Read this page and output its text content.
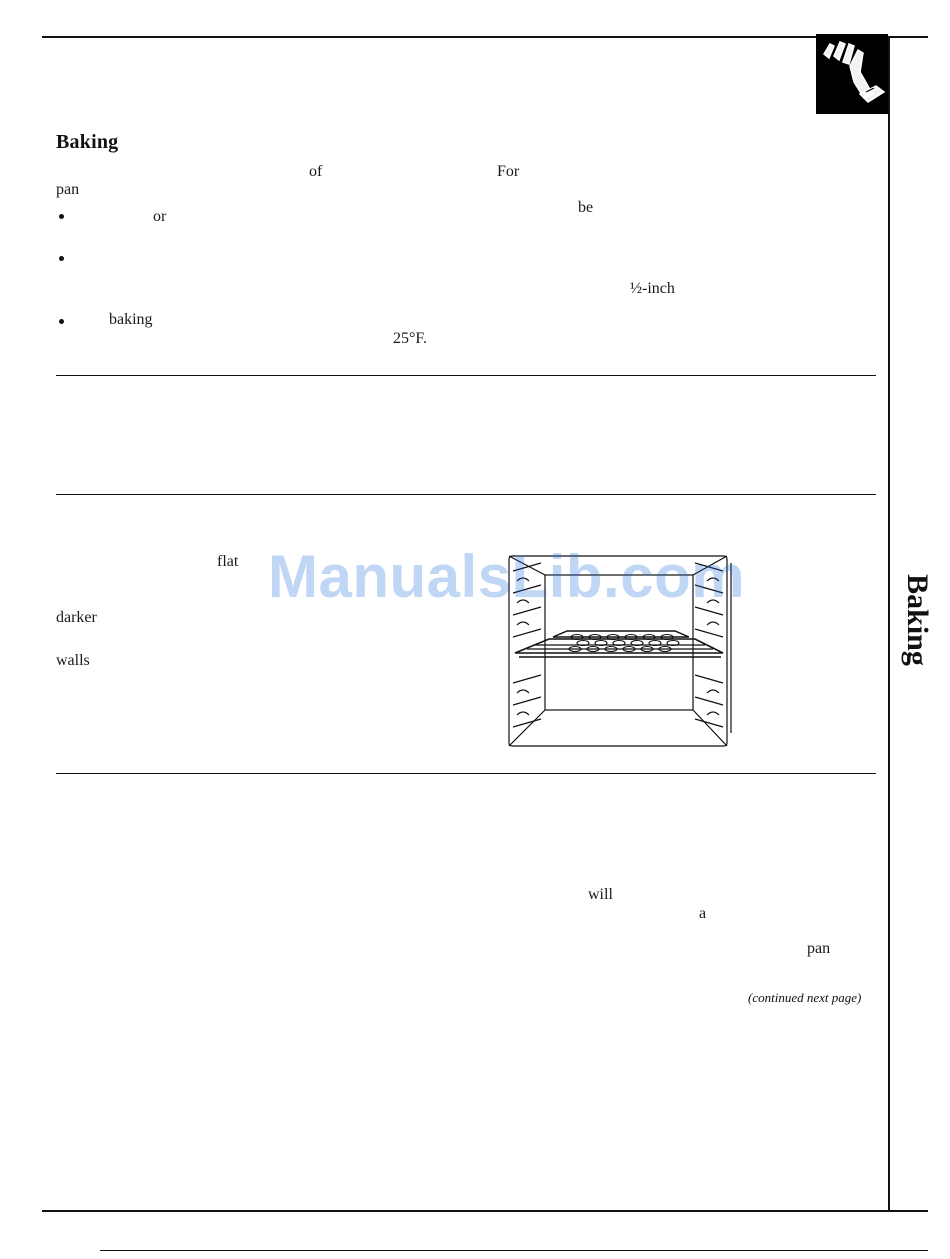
Baking
of	For
pan
or
be
½-inch
baking
25°F.
flat
darker
walls
ManualsLib.com
will
a
pan
(continued next page)
Baking
